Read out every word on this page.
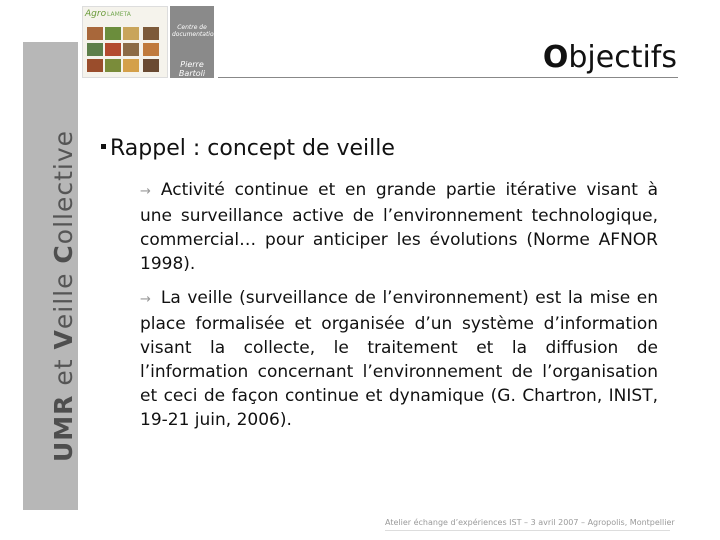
UMR et Veille Collective
Agro LAMETA
Centre de documentation
Pierre Bartoli	Objectifs
Rappel : concept de veille
→ Activité continue et en grande partie itérative visant à une surveillance active de l’environnement technologique, commercial… pour anticiper les évolutions (Norme AFNOR 1998).
→ La veille (surveillance de l’environnement) est la mise en place formalisée et organisée d’un système d’information visant la collecte, le traitement et la diffusion de l’information concernant l’environnement de l’organisation et ceci de façon continue et dynamique (G. Chartron, INIST, 19-21 juin, 2006).
Atelier échange d’expériences IST – 3 avril 2007 – Agropolis, Montpellier
